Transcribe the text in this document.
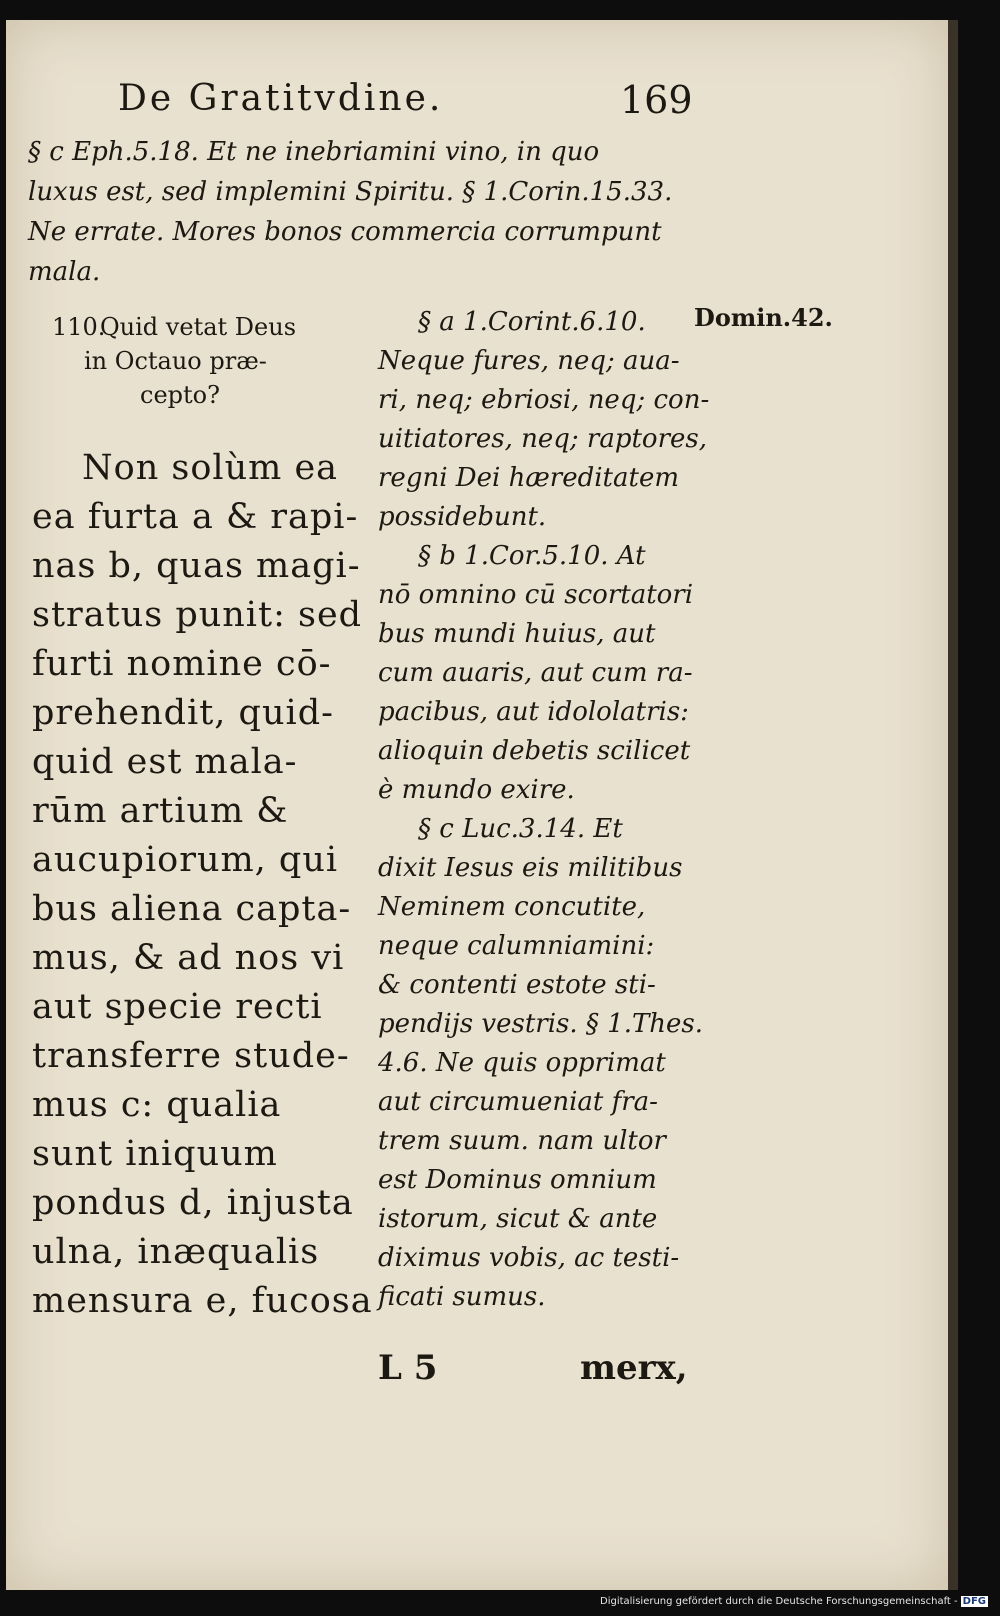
De Gratitvdine.	169

§ c Eph.5.18. Et ne inebriamini vino, in quo

luxus est, sed implemini Spiritu. § 1.Corin.15.33.

Ne errate. Mores bonos commercia corrumpunt

mala.

110.

Quid vetat Deus

in Octauo præ-

cepto?

Domin.42.

Non solùm ea

ea furta a & rapi-

nas b, quas magi-

stratus punit: sed

furti nomine cō-

prehendit, quid-

quid est mala-

rūm artium &

aucupiorum, qui

bus aliena capta-

mus, & ad nos vi

aut specie recti

transferre stude-

mus c: qualia

sunt iniquum

pondus d, injusta

ulna, inæqualis

mensura e, fucosa

§ a 1.Corint.6.10.

Neque fures, neq; aua-

ri, neq; ebriosi, neq; con-

uitiatores, neq; raptores,

regni Dei hæreditatem

possidebunt.

§ b 1.Cor.5.10. At

nō omnino cū scortatori

bus mundi huius, aut

cum auaris, aut cum ra-

pacibus, aut idololatris:

alioquin debetis scilicet

è mundo exire.

§ c Luc.3.14. Et

dixit Iesus eis militibus

Neminem concutite,

neque calumniamini:

& contenti estote sti-

pendijs vestris. § 1.Thes.

4.6. Ne quis opprimat

aut circumueniat fra-

trem suum. nam ultor

est Dominus omnium

istorum, sicut & ante

diximus vobis, ac testi-

ficati sumus.

L 5	merx,

Digitalisierung gefördert durch die Deutsche Forschungsgemeinschaft - DFG
